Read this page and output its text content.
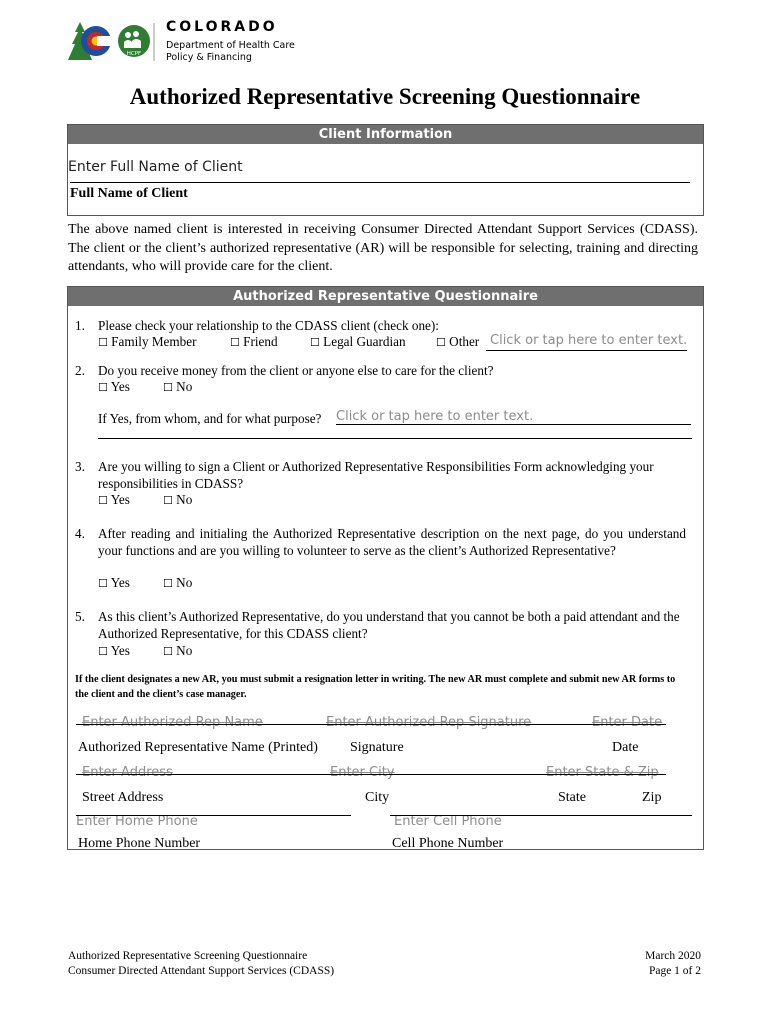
HCPF
COLORADO
Department of Health Care
Policy & Financing
Authorized Representative Screening Questionnaire
Client Information
Enter Full Name of Client
Full Name of Client
The above named client is interested in receiving Consumer Directed Attendant Support Services (CDASS). The client or the client’s authorized representative (AR) will be responsible for selecting, training and directing attendants, who will provide care for the client.
Authorized Representative Questionnaire
1. Please check your relationship to the CDASS client (check one):
☐ Family Member	☐ Friend	☐ Legal Guardian	☐ Other Click or tap here to enter text.
2. Do you receive money from the client or anyone else to care for the client?
☐ Yes	☐ No
If Yes, from whom, and for what purpose? Click or tap here to enter text.
3. Are you willing to sign a Client or Authorized Representative Responsibilities Form acknowledging your responsibilities in CDASS?
☐ Yes	☐ No
4. After reading and initialing the Authorized Representative description on the next page, do you understand your functions and are you willing to volunteer to serve as the client’s Authorized Representative?
☐ Yes	☐ No
5. As this client’s Authorized Representative, do you understand that you cannot be both a paid attendant and the Authorized Representative, for this CDASS client?
☐ Yes	☐ No
If the client designates a new AR, you must submit a resignation letter in writing. The new AR must complete and submit new AR forms to the client and the client’s case manager.
Enter Authorized Rep Name	Enter Authorized Rep Signature	Enter Date
Authorized Representative Name (Printed) Signature	Date
Enter Address	Enter City	Enter State & Zip
Street Address	City	State	Zip
Enter Home Phone	Enter Cell Phone
Home Phone Number	Cell Phone Number
Authorized Representative Screening Questionnaire
Consumer Directed Attendant Support Services (CDASS)
March 2020
Page 1 of 2
